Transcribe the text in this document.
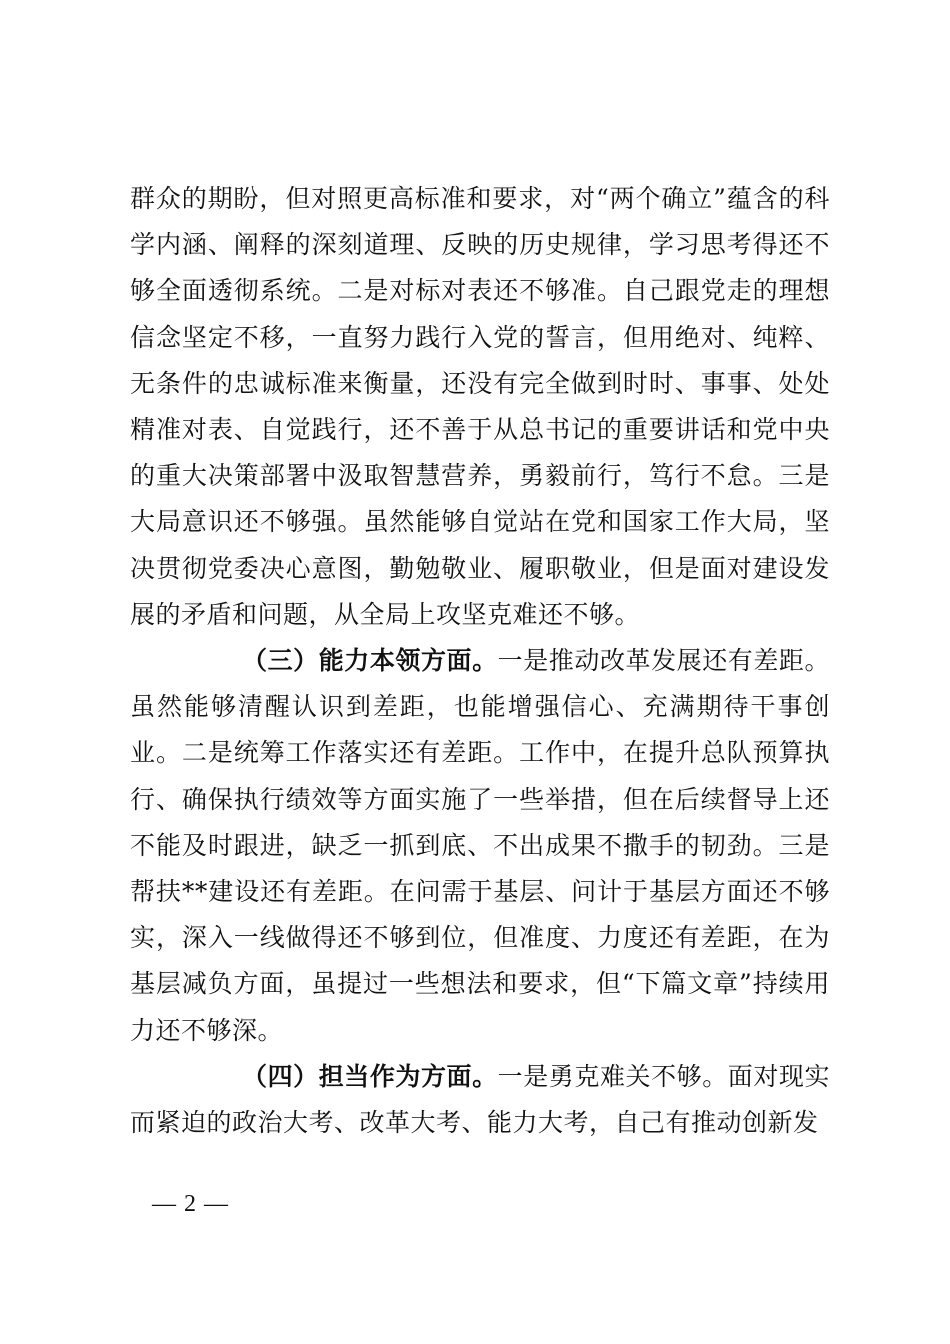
群众的期盼，但对照更高标准和要求，对“两个确立”蕴含的科学内涵、阐释的深刻道理、反映的历史规律，学习思考得还不够全面透彻系统。二是对标对表还不够准。自己跟党走的理想信念坚定不移，一直努力践行入党的誓言，但用绝对、纯粹、无条件的忠诚标准来衡量，还没有完全做到时时、事事、处处精准对表、自觉践行，还不善于从总书记的重要讲话和党中央的重大决策部署中汲取智慧营养，勇毅前行，笃行不怠。三是大局意识还不够强。虽然能够自觉站在党和国家工作大局，坚决贯彻党委决心意图，勤勉敬业、履职敬业，但是面对建设发展的矛盾和问题，从全局上攻坚克难还不够。

（三）能力本领方面。一是推动改革发展还有差距。虽然能够清醒认识到差距，也能增强信心、充满期待干事创业。二是统筹工作落实还有差距。工作中，在提升总队预算执行、确保执行绩效等方面实施了一些举措，但在后续督导上还不能及时跟进，缺乏一抓到底、不出成果不撒手的韧劲。三是帮扶**建设还有差距。在问需于基层、问计于基层方面还不够实，深入一线做得还不够到位，但准度、力度还有差距，在为基层减负方面，虽提过一些想法和要求，但“下篇文章”持续用力还不够深。

（四）担当作为方面。一是勇克难关不够。面对现实而紧迫的政治大考、改革大考、能力大考，自己有推动创新发

— 2 —
